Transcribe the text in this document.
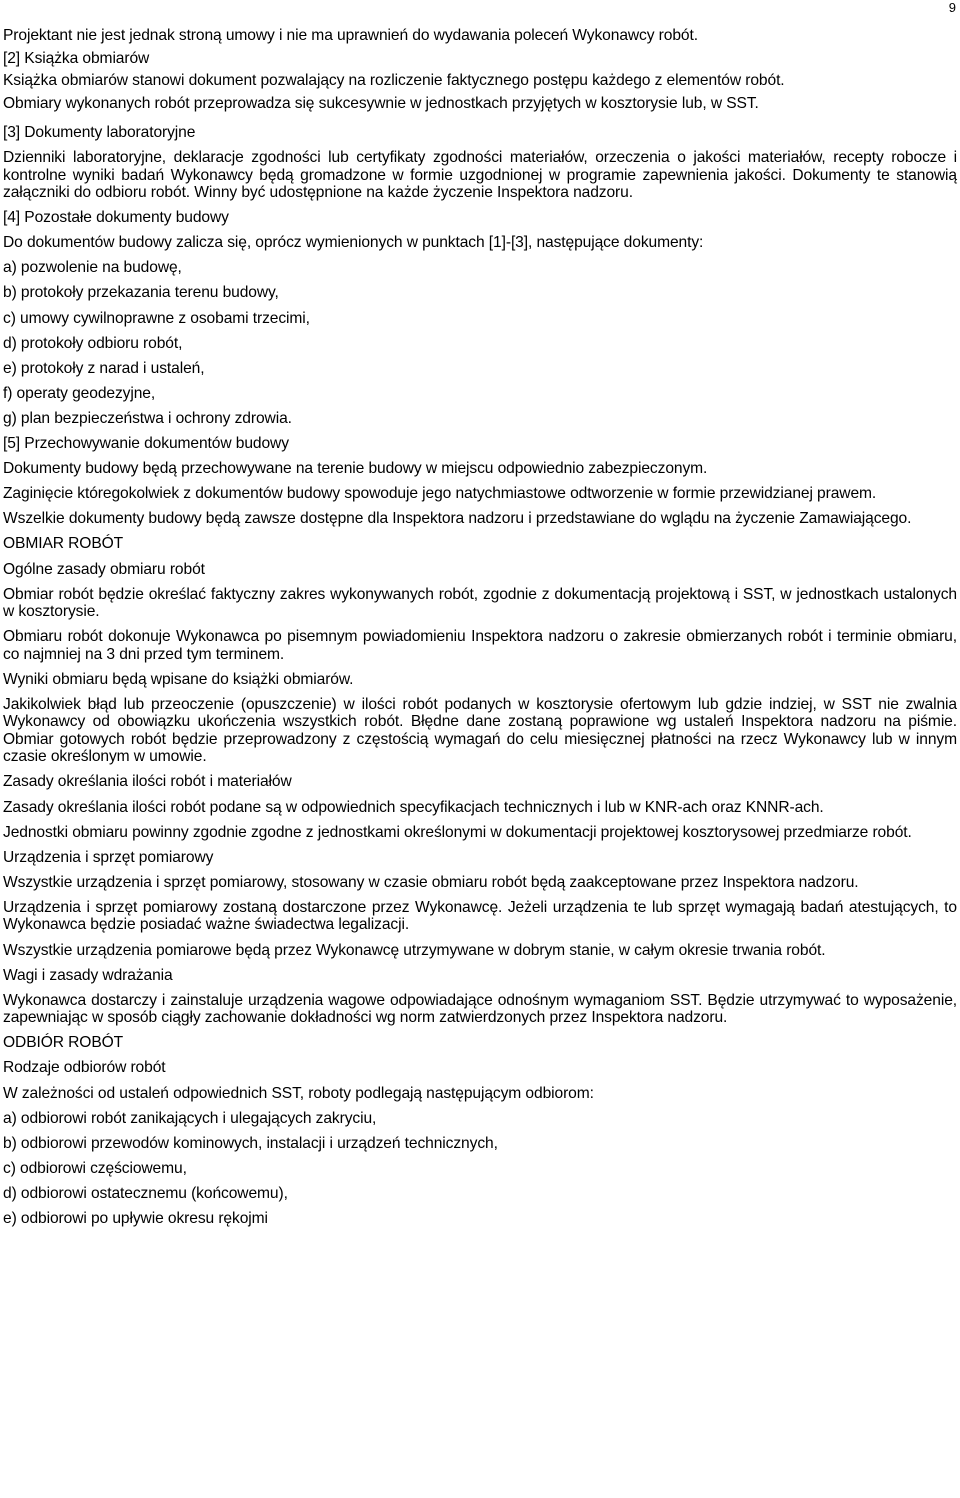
9

Projektant nie jest jednak stroną umowy i nie ma uprawnień do wydawania poleceń Wykonawcy robót.

[2] Książka obmiarów

Książka obmiarów stanowi dokument pozwalający na rozliczenie faktycznego postępu każdego z elementów robót.

Obmiary wykonanych robót przeprowadza się sukcesywnie w jednostkach przyjętych w kosztorysie lub, w SST.

[3] Dokumenty laboratoryjne

Dzienniki laboratoryjne, deklaracje zgodności lub certyfikaty zgodności materiałów, orzeczenia o jakości materiałów, recepty robocze i kontrolne wyniki badań Wykonawcy będą gromadzone w formie uzgodnionej w programie zapewnienia jakości. Dokumenty te stanowią załączniki do odbioru robót. Winny być udostępnione na każde życzenie Inspektora nadzoru.

[4] Pozostałe dokumenty budowy

Do dokumentów budowy zalicza się, oprócz wymienionych w punktach [1]-[3], następujące dokumenty:

a) pozwolenie na budowę,

b) protokoły przekazania terenu budowy,

c) umowy cywilnoprawne z osobami trzecimi,

d) protokoły odbioru robót,

e) protokoły z narad i ustaleń,

f) operaty geodezyjne,

g) plan bezpieczeństwa i ochrony zdrowia.

[5] Przechowywanie dokumentów budowy

Dokumenty budowy będą przechowywane na terenie budowy w miejscu odpowiednio zabezpieczonym.

Zaginięcie któregokolwiek z dokumentów budowy spowoduje jego natychmiastowe odtworzenie w formie przewidzianej prawem.

Wszelkie dokumenty budowy będą zawsze dostępne dla Inspektora nadzoru i przedstawiane do wglądu na życzenie Zamawiającego.

OBMIAR ROBÓT

Ogólne zasady obmiaru robót

Obmiar robót będzie określać faktyczny zakres wykonywanych robót, zgodnie z dokumentacją projektową i SST, w jednostkach ustalonych w kosztorysie.

Obmiaru robót dokonuje Wykonawca po pisemnym powiadomieniu Inspektora nadzoru o zakresie obmierzanych robót i terminie obmiaru, co najmniej na 3 dni przed tym terminem.

Wyniki obmiaru będą wpisane do książki obmiarów.

Jakikolwiek błąd lub przeoczenie (opuszczenie) w ilości robót podanych w kosztorysie ofertowym lub gdzie indziej, w SST nie zwalnia Wykonawcy od obowiązku ukończenia wszystkich robót. Błędne dane zostaną poprawione wg ustaleń Inspektora nadzoru na piśmie. Obmiar gotowych robót będzie przeprowadzony z częstością wymagań do celu miesięcznej płatności na rzecz Wykonawcy lub w innym czasie określonym w umowie.

Zasady określania ilości robót i materiałów

Zasady określania ilości robót podane są w odpowiednich specyfikacjach technicznych i lub w KNR-ach oraz KNNR-ach.

Jednostki obmiaru powinny zgodnie zgodne z jednostkami określonymi w dokumentacji projektowej kosztorysowej przedmiarze robót.

Urządzenia i sprzęt pomiarowy

Wszystkie urządzenia i sprzęt pomiarowy, stosowany w czasie obmiaru robót będą zaakceptowane przez Inspektora nadzoru.

Urządzenia i sprzęt pomiarowy zostaną dostarczone przez Wykonawcę. Jeżeli urządzenia te lub sprzęt wymagają badań atestujących, to Wykonawca będzie posiadać ważne świadectwa legalizacji.

Wszystkie urządzenia pomiarowe będą przez Wykonawcę utrzymywane w dobrym stanie, w całym okresie trwania robót.

Wagi i zasady wdrażania

Wykonawca dostarczy i zainstaluje urządzenia wagowe odpowiadające odnośnym wymaganiom SST. Będzie utrzymywać to wyposażenie, zapewniając w sposób ciągły zachowanie dokładności wg norm zatwierdzonych przez Inspektora nadzoru.

ODBIÓR ROBÓT

Rodzaje odbiorów robót

W zależności od ustaleń odpowiednich SST, roboty podlegają następującym odbiorom:

a) odbiorowi robót zanikających i ulegających zakryciu,

b) odbiorowi przewodów kominowych, instalacji i urządzeń technicznych,

c) odbiorowi częściowemu,

d) odbiorowi ostatecznemu (końcowemu),

e) odbiorowi po upływie okresu rękojmi
